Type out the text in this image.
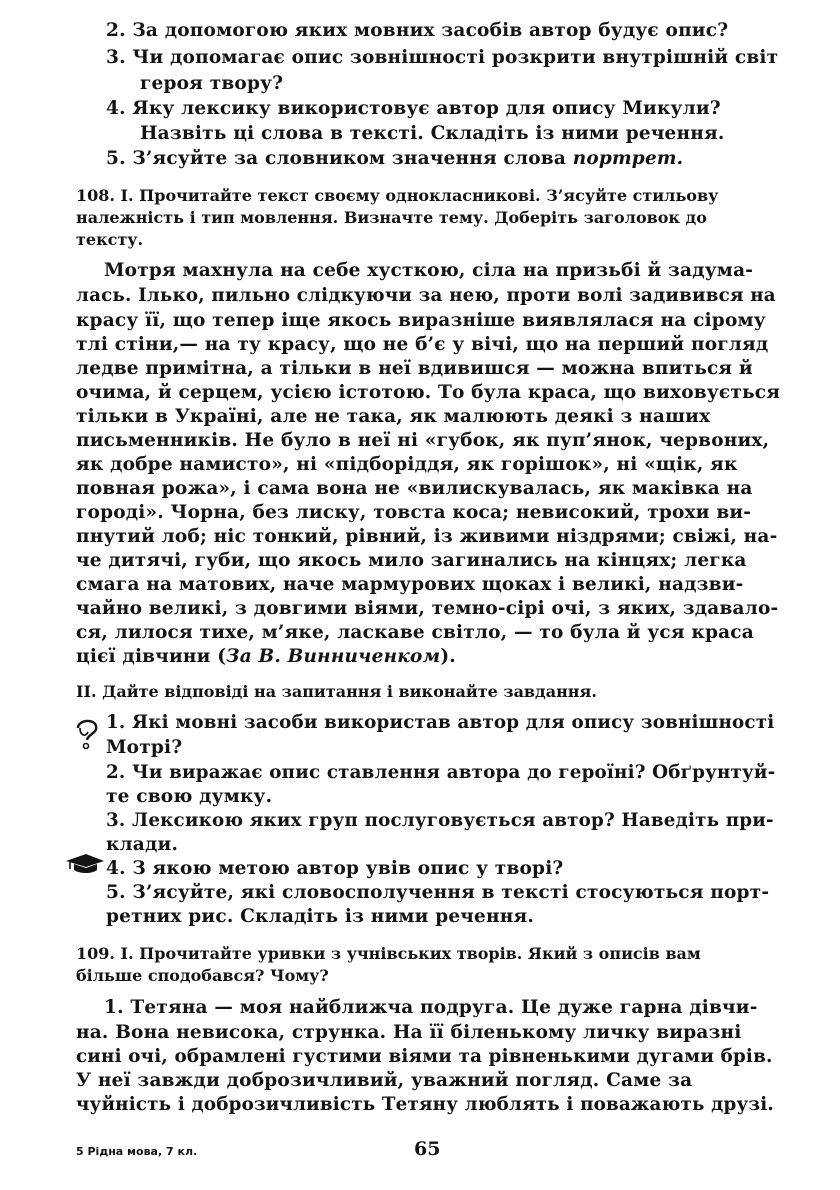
2. За допомогою яких мовних засобів автор будує опис?

3. Чи допомагає опис зовнішності розкрити внутрішній світ

героя твору?

4. Яку лексику використовує автор для опису Микули?

Назвіть ці слова в тексті. Складіть із ними речення.

5. З’ясуйте за словником значення слова портрет.

108. І. Прочитайте текст своєму однокласникові. З’ясуйте стильову

належність і тип мовлення. Визначте тему. Доберіть заголовок до

тексту.

Мотря махнула на себе хусткою, сіла на призьбі й задума-

лась. Ілько, пильно слідкуючи за нею, проти волі задивився на

красу її, що тепер іще якось виразніше виявлялася на сірому

тлі стіни,— на ту красу, що не б’є у вічі, що на перший погляд

ледве примітна, а тільки в неї вдивишся — можна впиться й

очима, й серцем, усією істотою. То була краса, що виховується

тільки в Україні, але не така, як малюють деякі з наших

письменників. Не було в неї ні «губок, як пуп’янок, червоних,

як добре намисто», ні «підборіддя, як горішок», ні «щік, як

повная рожа», і сама вона не «вилискувалась, як маківка на

городі». Чорна, без лиску, товста коса; невисокий, трохи ви-

пнутий лоб; ніс тонкий, рівний, із живими ніздрями; свіжі, на-

че дитячі, губи, що якось мило загинались на кінцях; легка

смага на матових, наче мармурових щоках і великі, надзви-

чайно великі, з довгими віями, темно-сірі очі, з яких, здавало-

ся, лилося тихе, м’яке, ласкаве світло, — то була й уся краса

цієї дівчини (За В. Винниченком).

ІІ. Дайте відповіді на запитання і виконайте завдання.

1. Які мовні засоби використав автор для опису зовнішності

Мотрі?

2. Чи виражає опис ставлення автора до героїні? Обґрунтуй-

те свою думку.

3. Лексикою яких груп послуговується автор? Наведіть при-

клади.

4. З якою метою автор увів опис у творі?

5. З’ясуйте, які словосполучення в тексті стосуються порт-

ретних рис. Складіть із ними речення.

109. І. Прочитайте уривки з учнівських творів. Який з описів вам

більше сподобався? Чому?

1. Тетяна — моя найближча подруга. Це дуже гарна дівчи-

на. Вона невисока, струнка. На її біленькому личку виразні

сині очі, обрамлені густими віями та рівненькими дугами брів.

У неї завжди доброзичливий, уважний погляд. Саме за

чуйність і доброзичливість Тетяну люблять і поважають друзі.

5 Рідна мова, 7 кл.	65
